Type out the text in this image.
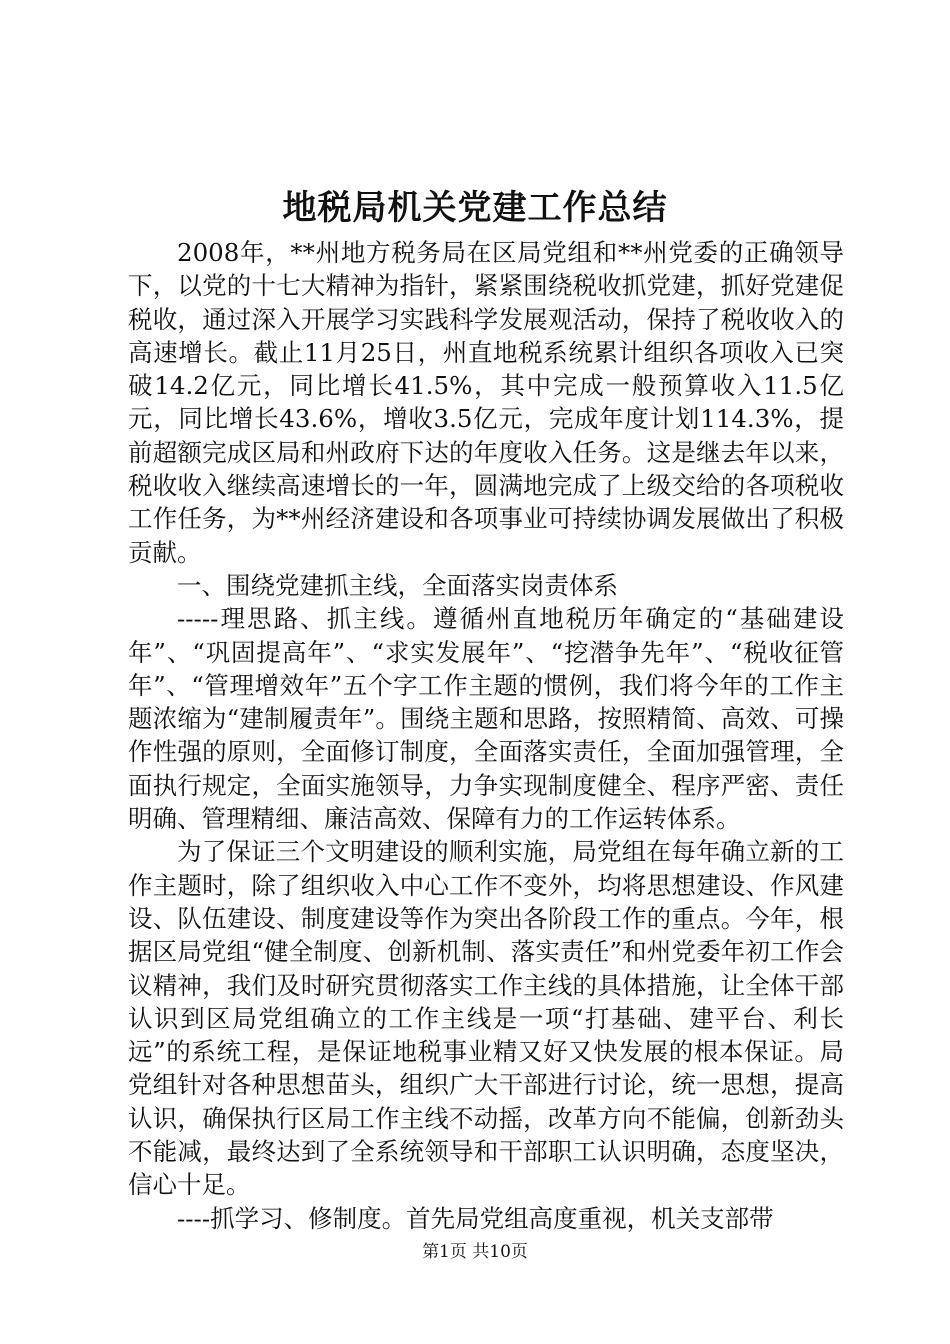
地税局机关党建工作总结

2008年，**州地方税务局在区局党组和**州党委的正确领导下，以党的十七大精神为指针，紧紧围绕税收抓党建，抓好党建促税收，通过深入开展学习实践科学发展观活动，保持了税收收入的高速增长。截止11月25日，州直地税系统累计组织各项收入已突破14.2亿元，同比增长41.5%，其中完成一般预算收入11.5亿元，同比增长43.6%，增收3.5亿元，完成年度计划114.3%，提前超额完成区局和州政府下达的年度收入任务。这是继去年以来，税收收入继续高速增长的一年，圆满地完成了上级交给的各项税收工作任务，为**州经济建设和各项事业可持续协调发展做出了积极贡献。

一、围绕党建抓主线，全面落实岗责体系

-----理思路、抓主线。遵循州直地税历年确定的“基础建设年”、“巩固提高年”、“求实发展年”、“挖潜争先年”、“税收征管年”、“管理增效年”五个字工作主题的惯例，我们将今年的工作主题浓缩为“建制履责年”。围绕主题和思路，按照精简、高效、可操作性强的原则，全面修订制度，全面落实责任，全面加强管理，全面执行规定，全面实施领导，力争实现制度健全、程序严密、责任明确、管理精细、廉洁高效、保障有力的工作运转体系。

为了保证三个文明建设的顺利实施，局党组在每年确立新的工作主题时，除了组织收入中心工作不变外，均将思想建设、作风建设、队伍建设、制度建设等作为突出各阶段工作的重点。今年，根据区局党组“健全制度、创新机制、落实责任”和州党委年初工作会议精神，我们及时研究贯彻落实工作主线的具体措施，让全体干部认识到区局党组确立的工作主线是一项“打基础、建平台、利长远”的系统工程，是保证地税事业精又好又快发展的根本保证。局党组针对各种思想苗头，组织广大干部进行讨论，统一思想，提高认识，确保执行区局工作主线不动摇，改革方向不能偏，创新劲头不能减，最终达到了全系统领导和干部职工认识明确，态度坚决，信心十足。

----抓学习、修制度。首先局党组高度重视，机关支部带

第1页 共10页
